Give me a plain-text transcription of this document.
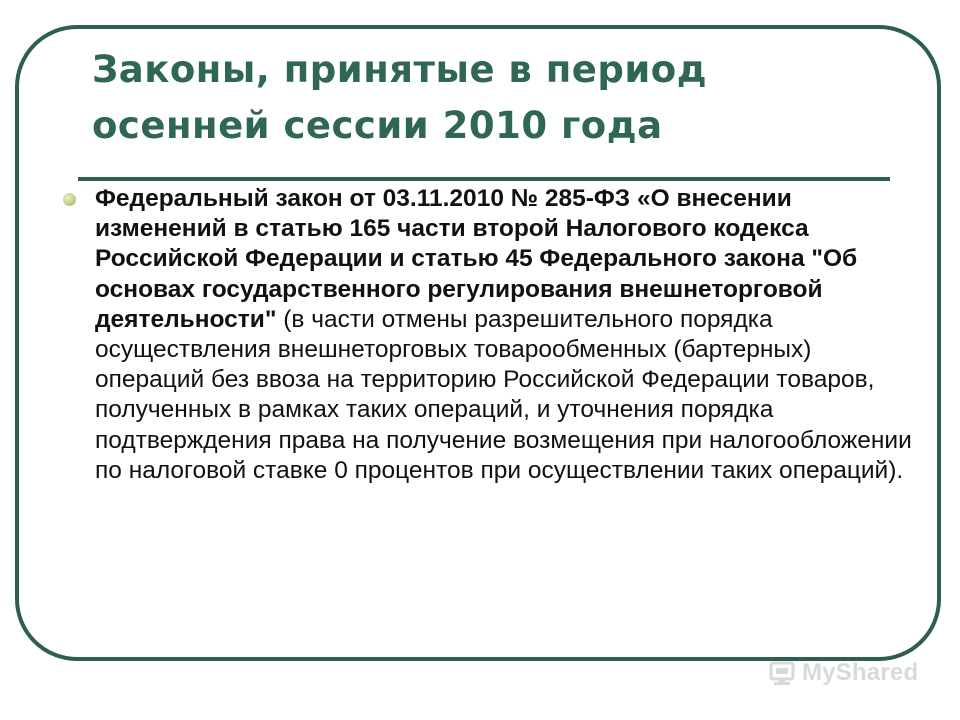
Законы, принятые в период осенней сессии 2010 года

Федеральный закон от 03.11.2010 № 285-ФЗ «О внесении изменений в статью 165 части второй Налогового кодекса Российской Федерации и статью 45 Федерального закона "Об основах государственного регулирования внешнеторговой деятельности" (в части отмены разрешительного порядка осуществления внешнеторговых товарообменных (бартерных) операций без ввоза на территорию Российской Федерации товаров, полученных в рамках таких операций, и уточнения порядка подтверждения права на получение возмещения при налогообложении по налоговой ставке 0 процентов при осуществлении таких операций).

MyShared
